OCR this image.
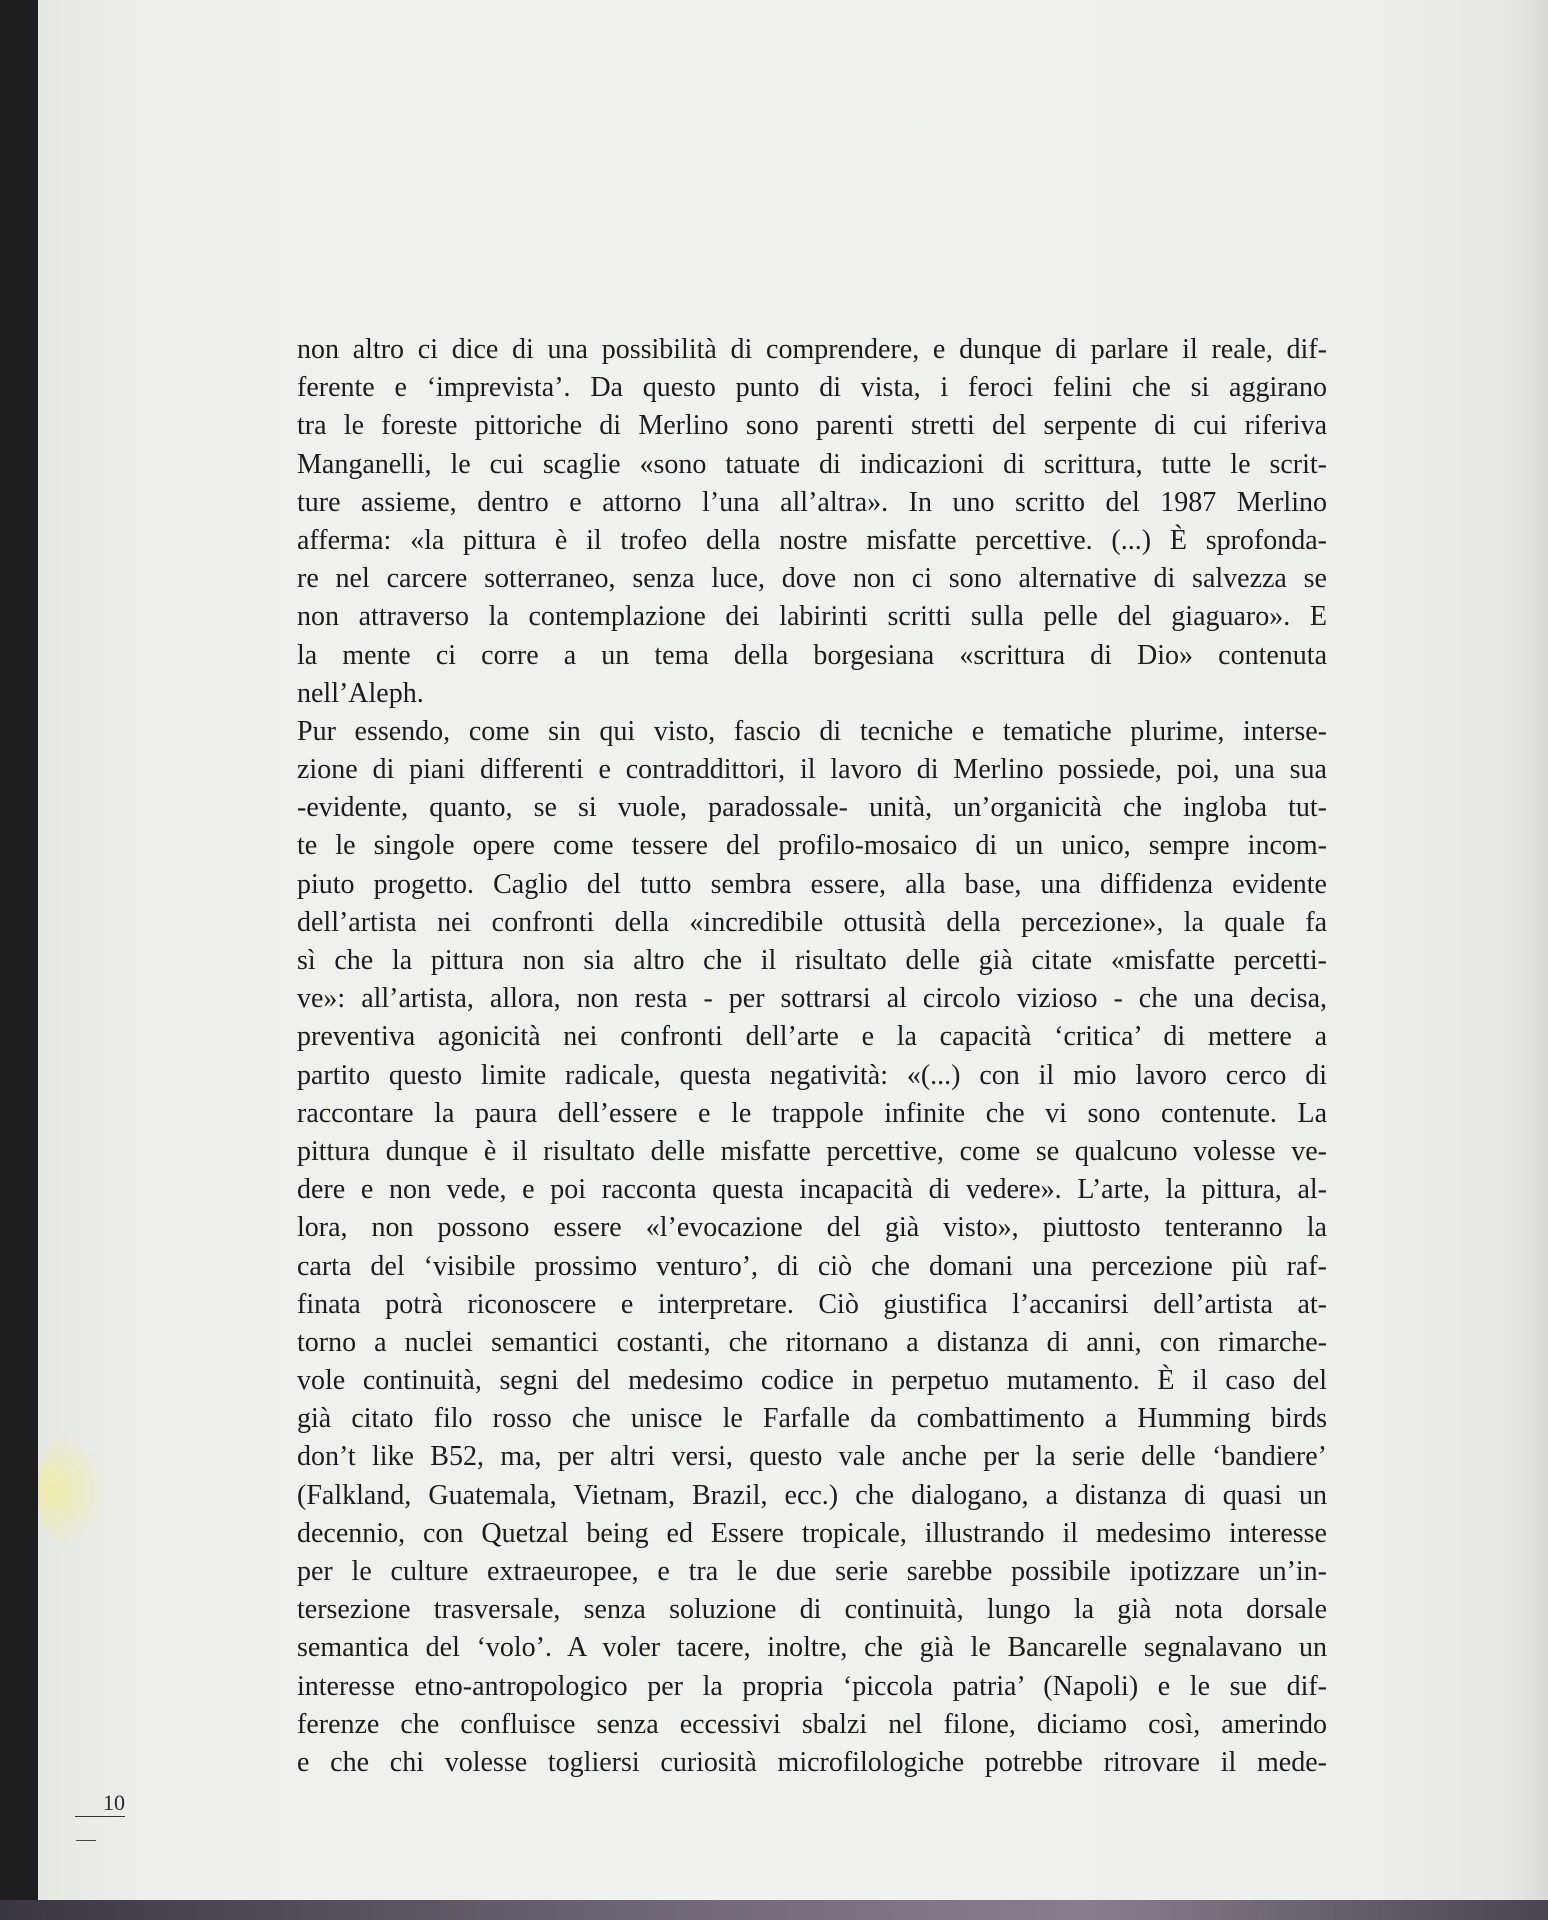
non altro ci dice di una possibilità di comprendere, e dunque di parlare il reale, dif-
ferente e ‘imprevista’. Da questo punto di vista, i feroci felini che si aggirano
tra le foreste pittoriche di Merlino sono parenti stretti del serpente di cui riferiva
Manganelli, le cui scaglie «sono tatuate di indicazioni di scrittura, tutte le scrit-
ture assieme, dentro e attorno l’una all’altra». In uno scritto del 1987 Merlino
afferma: «la pittura è il trofeo della nostre misfatte percettive. (...) È sprofonda-
re nel carcere sotterraneo, senza luce, dove non ci sono alternative di salvezza se
non attraverso la contemplazione dei labirinti scritti sulla pelle del giaguaro». E
la mente ci corre a un tema della borgesiana «scrittura di Dio» contenuta
nell’Aleph.
Pur essendo, come sin qui visto, fascio di tecniche e tematiche plurime, interse-
zione di piani differenti e contraddittori, il lavoro di Merlino possiede, poi, una sua
-evidente, quanto, se si vuole, paradossale- unità, un’organicità che ingloba tut-
te le singole opere come tessere del profilo-mosaico di un unico, sempre incom-
piuto progetto. Caglio del tutto sembra essere, alla base, una diffidenza evidente
dell’artista nei confronti della «incredibile ottusità della percezione», la quale fa
sì che la pittura non sia altro che il risultato delle già citate «misfatte percetti-
ve»: all’artista, allora, non resta - per sottrarsi al circolo vizioso - che una decisa,
preventiva agonicità nei confronti dell’arte e la capacità ‘critica’ di mettere a
partito questo limite radicale, questa negatività: «(...) con il mio lavoro cerco di
raccontare la paura dell’essere e le trappole infinite che vi sono contenute. La
pittura dunque è il risultato delle misfatte percettive, come se qualcuno volesse ve-
dere e non vede, e poi racconta questa incapacità di vedere». L’arte, la pittura, al-
lora, non possono essere «l’evocazione del già visto», piuttosto tenteranno la
carta del ‘visibile prossimo venturo’, di ciò che domani una percezione più raf-
finata potrà riconoscere e interpretare. Ciò giustifica l’accanirsi dell’artista at-
torno a nuclei semantici costanti, che ritornano a distanza di anni, con rimarche-
vole continuità, segni del medesimo codice in perpetuo mutamento. È il caso del
già citato filo rosso che unisce le Farfalle da combattimento a Humming birds
don’t like B52, ma, per altri versi, questo vale anche per la serie delle ‘bandiere’
(Falkland, Guatemala, Vietnam, Brazil, ecc.) che dialogano, a distanza di quasi un
decennio, con Quetzal being ed Essere tropicale, illustrando il medesimo interesse
per le culture extraeuropee, e tra le due serie sarebbe possibile ipotizzare un’in-
tersezione trasversale, senza soluzione di continuità, lungo la già nota dorsale
semantica del ‘volo’. A voler tacere, inoltre, che già le Bancarelle segnalavano un
interesse etno-antropologico per la propria ‘piccola patria’ (Napoli) e le sue dif-
ferenze che confluisce senza eccessivi sbalzi nel filone, diciamo così, amerindo
e che chi volesse togliersi curiosità microfilologiche potrebbe ritrovare il mede-
10
